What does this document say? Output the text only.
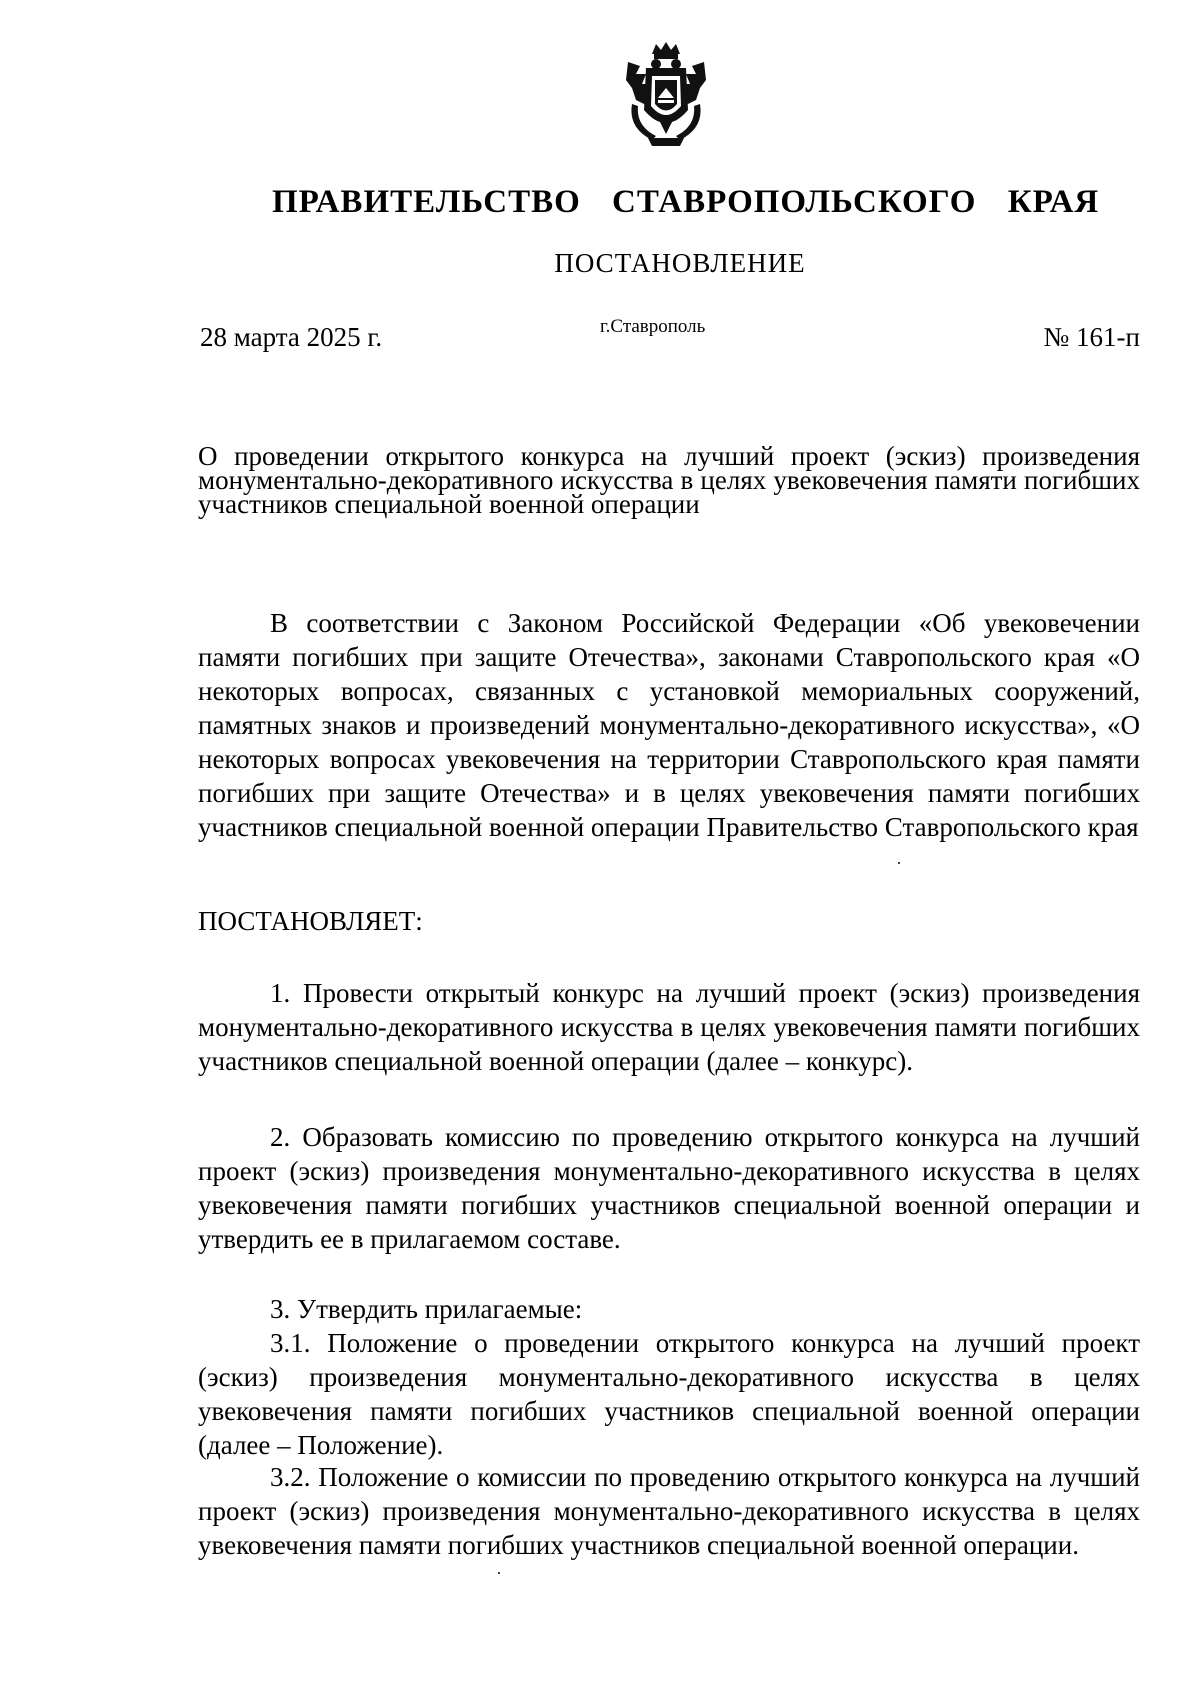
ПРАВИТЕЛЬСТВО СТАВРОПОЛЬСКОГО КРАЯ
ПОСТАНОВЛЕНИЕ
28 марта 2025 г.	г.Ставрополь	№ 161-п
О проведении открытого конкурса на лучший проект (эскиз) произведения монументально-декоративного искусства в целях увековечения памяти погибших участников специальной военной операции

В соответствии с Законом Российской Федерации «Об увековечении памяти погибших при защите Отечества», законами Ставропольского края «О некоторых вопросах, связанных с установкой мемориальных сооружений, памятных знаков и произведений монументально-декоративного искусства», «О некоторых вопросах увековечения на территории Ставропольского края памяти погибших при защите Отечества» и в целях увековечения памяти погибших участников специальной военной операции Правительство Ставропольского края

ПОСТАНОВЛЯЕТ:

1. Провести открытый конкурс на лучший проект (эскиз) произведения монументально-декоративного искусства в целях увековечения памяти погибших участников специальной военной операции (далее – конкурс).

2. Образовать комиссию по проведению открытого конкурса на лучший проект (эскиз) произведения монументально-декоративного искусства в целях увековечения памяти погибших участников специальной военной операции и утвердить ее в прилагаемом составе.

3. Утвердить прилагаемые:

3.1. Положение о проведении открытого конкурса на лучший проект (эскиз) произведения монументально-декоративного искусства в целях увековечения памяти погибших участников специальной военной операции (далее – Положение).

3.2. Положение о комиссии по проведению открытого конкурса на лучший проект (эскиз) произведения монументально-декоративного искусства в целях увековечения памяти погибших участников специальной военной операции.
